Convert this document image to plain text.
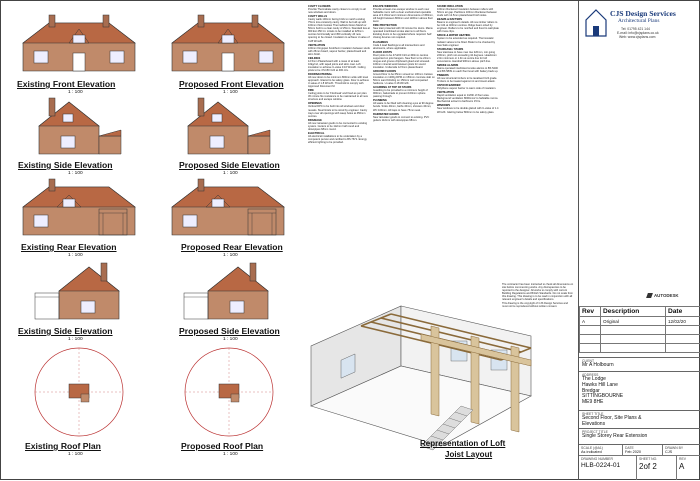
Existing Front Elevation
1 : 100
Proposed Front Elevation
1 : 100
Existing Side Elevation
1 : 100
Proposed Side Elevation
1 : 100
Existing Rear Elevation
1 : 100
Proposed Rear Elevation
1 : 100
Existing Side Elevation
1 : 100
Proposed Side Elevation
1 : 100
Existing Roof Plan
1 : 100
Proposed Roof Plan
1 : 100
CAVITY CLOSERS
Provide Thermabate cavity closers to comply to all new windows and doors.
CAVITY WALLS
Cavity walls 100mm facing brick to match existing 75mm low emissivity cavity. Wall to be built up with 100mm thick Celotex Thermablock Doors Marsh or 50mm built to a clear cavity of 25mm. Standard ties at 900 Ext 450 Int. Lintels to be installed at 225mm centres horizontally and 450 vertically. All new opening to be closed. Insulation to achieve U-value of 0.28 W/m2K.
VENTILATION
100mm Kingspan Kooltherm insulation between studs with 25mm board, vapour barrier, plasterboard and skim finish.
CEILINGS
12.5mm Plasterboard with a mass of at least 10kg/m2, with taped joints and skim coat. Loft insulation to achieve U-value 0.16 W/m2K. Ceiling joists to be 47x150 C24 at 400 ctrs.
DOORS/EXTERNAL
All new doors to be minimum 800mm wide with level approach. Glazed to be safety glass. Door to achieve U-value of 1.8 W/m2K. Threshold to comply with Approved Document M.
FIRE
Ceiling joists to be 'Firebreak' and fixed as per plan. 30 minute fire resistance to be maintained to all new structure and escape window.
OPENINGS
Vertical DPC to be built into all windows and door reveals. Steel lintels to be sized by engineer. Cavity trays over all openings with weep holes at 450mm centres.
DRAINAGE
All new rainwater goods to be connected to existing system. Gutters to be 112mm half round and downpipes 68mm round.
ELECTRICAL
All electrical installations to be undertaken by a competent person and certified to BS 7671. Energy efficient lighting to be provided.
ESCAPE WINDOWS
Provide at least one escape window to each new habitable room with a clear unobstructed openable area of 0.33m2 and minimum dimensions of 450mm, sill height between 800mm and 1100mm above floor level.
FIRE PROTECTION
New stair protected with 30 minute fire doors. Mains operated interlinked smoke alarms to all floors. Existing doors to be upgraded where required. Self closing devices not required.
FLASHINGS
Code 4 lead flashings to all intersections and abutments, where applicable.
FLOOR JOISTS
Floor joists to be 47x200 C24 at 400mm centres supported on joist hangers. New floor to be 22mm tongue and groove chipboard glued and screwed. 100mm mineral wool between joists for sound insulation. Underside 12.5mm plasterboard.
GROUND FLOORS
Ground floor to be 65mm screed on 100mm Celotex insulation on 1200g DPM on 150mm concrete slab on 50mm sand blinding on 150mm well compacted hardcore. U-value 0.18 W/m2K.
GUARDING AT TOP OF STAIRS
Guarding to be provided to a minimum height of 900mm, balustrade to prevent 100mm sphere passing through.
PLUMBING
All waste to be fitted with cleaning eyes at 90 degree bends. Sinks 40mm, baths 40mm, showers 40mm, WC 100mm. All traps to have 75mm seal.
RAINWATER GOODS
New rainwater goods to connect to existing. PVC gutters 112mm with downpipes 68mm.
SOUND INSULATION
100mm Rockwool insulation between rafters with 50mm air gap. Partitions 100mm Rockwool between studs with 12.5mm plasterboard both sides.
BEAMS & RAFTERS
Beams to engineer's details. All new timber rafters to be C24 at 400mm centres. Ridge beam sized by engineer. Rafters to be notched and fixed to wall plate with truss clips.
SPACE & WATER HEATING
System to be extended as required. Thermostatic radiator valves to be fitted. Boiler to be checked by Gas Safe engineer.
STAIRCASE / STAIRS
New staircase to have max rise 220mm, min going 220mm, pitch not exceeding 42 degrees. Headroom 2.0m minimum or 1.9m at centre line for loft conversions. Handrail 900mm above pitch line.
SMOKE ALARMS
Mains operated interlinked smoke alarms to BS 5446 and BS 5839 on each floor level with battery back up.
TIMBERS
All new structural timbers to be tanalised C24 grade. Timbers to be treated against rot and insect attack.
VAPOUR BARRIER
Polythene vapour barrier to warm side of insulation.
VENTILATION
Rapid ventilation equal to 1/20th of floor area. Background ventilation 8000mm2 to habitable rooms. Mechanical extract to bathroom 15 l/s.
WINDOWS
New windows to be double glazed with U-value of 1.4 W/m2K. Glazing below 800mm to be safety glass.
The contractor has been instructed to check all dimensions on site before commencing works. Any discrepancies to be reported to the designer. All works to comply with current Building Regulations and British Standards. Do not scale from this drawing. This drawing is to be read in conjunction with all relevant engineer's details and specifications.
This drawing is the copyright of CJS Design Services and must not be reproduced without written consent.
Representation of Loft
Joist Layout
CJS Design Services
Architectural Plans
Tel: 01795 421 144
E-mail: info@cjsplans.co.uk
Web: www.cjsplans.com
AUTODESK
Rev	Description	Date
A	Original	12/02/20

CLIENT
Mr A Holbourn
ADDRESS
The Lodge
Hawks Hill Lane
Bredgar
SITTINGBOURNE
ME9 8HE
SHEET TITLE
Second Floor, Site Plans &
Elevations
PROJECT TITLE
Single Storey Rear Extension
SCALE (@A1)
As indicated
DATE
Feb 2020
DRAWN BY
CJS
DRAWING NUMBER
HLB-0224-01
SHEET NO.
2of 2
REV
A
